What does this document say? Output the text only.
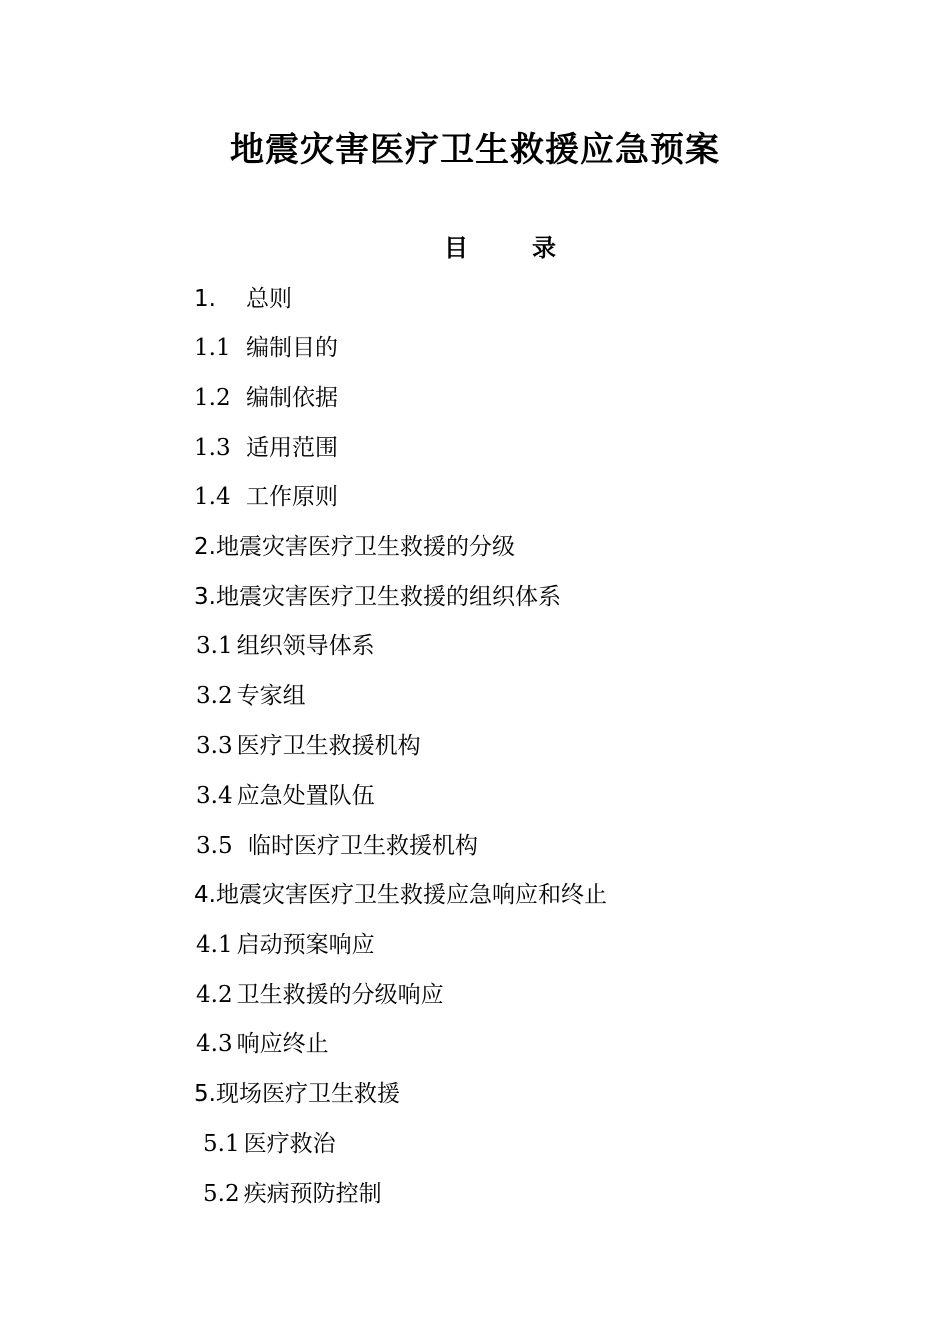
地震灾害医疗卫生救援应急预案
目	录
1. 总则
1.1 编制目的
1.2 编制依据
1.3 适用范围
1.4 工作原则
2.地震灾害医疗卫生救援的分级
3.地震灾害医疗卫生救援的组织体系
3.1 组织领导体系
3.2 专家组
3.3 医疗卫生救援机构
3.4 应急处置队伍
3.5 临时医疗卫生救援机构
4.地震灾害医疗卫生救援应急响应和终止
4.1 启动预案响应
4.2 卫生救援的分级响应
4.3 响应终止
5.现场医疗卫生救援
5.1 医疗救治
5.2 疾病预防控制
